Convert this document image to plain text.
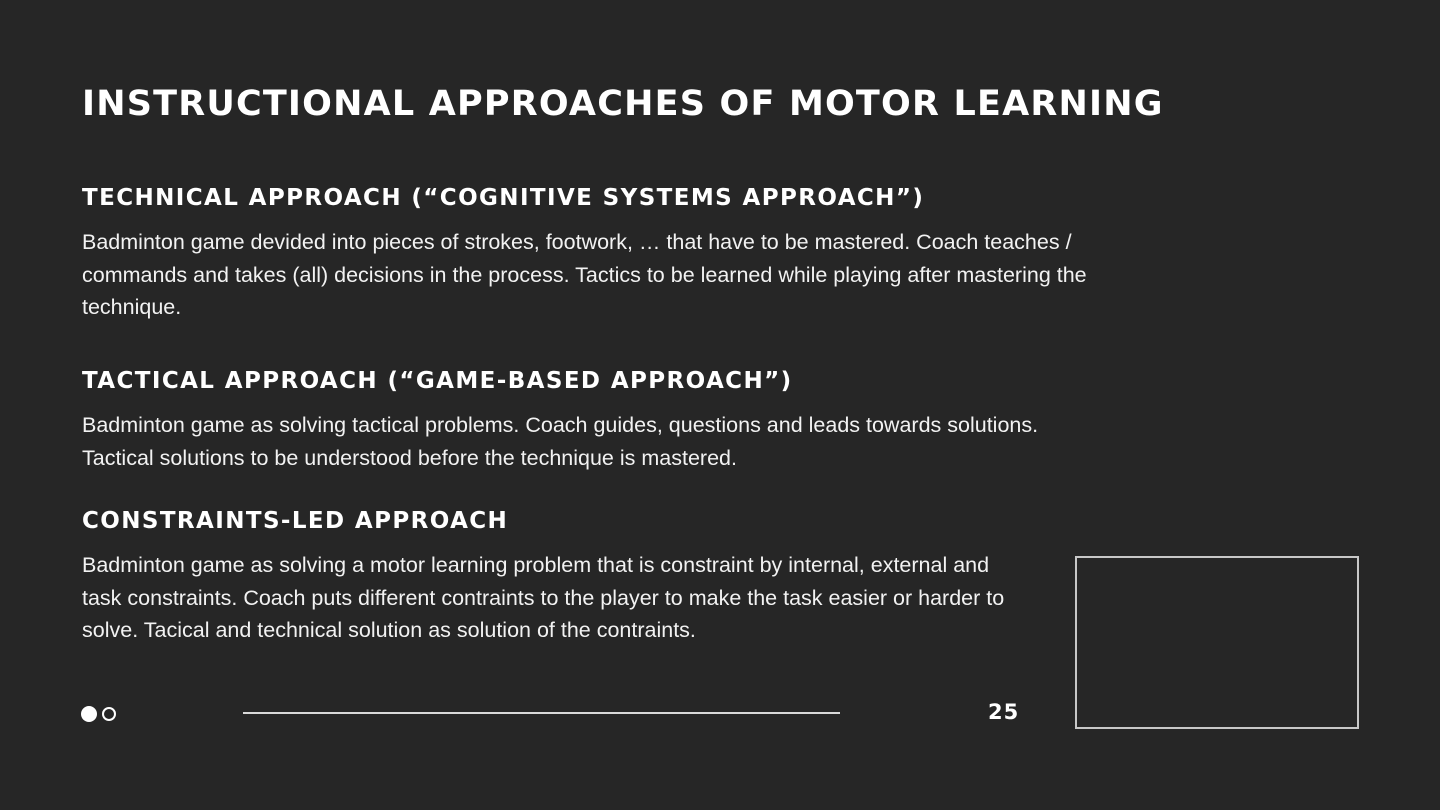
INSTRUCTIONAL APPROACHES OF MOTOR LEARNING
TECHNICAL APPROACH (“COGNITIVE SYSTEMS APPROACH”)

Badminton game devided into pieces of strokes, footwork, … that have to be mastered. Coach teaches / commands and takes (all) decisions in the process. Tactics to be learned while playing after mastering the technique.

TACTICAL APPROACH (“GAME-BASED APPROACH”)

Badminton game as solving tactical problems. Coach guides, questions and leads towards solutions. Tactical solutions to be understood before the technique is mastered.

CONSTRAINTS-LED APPROACH

Badminton game as solving a motor learning problem that is constraint by internal, external and task constraints. Coach puts different contraints to the player to make the task easier or harder to solve. Tacical and technical solution as solution of the contraints.

25
